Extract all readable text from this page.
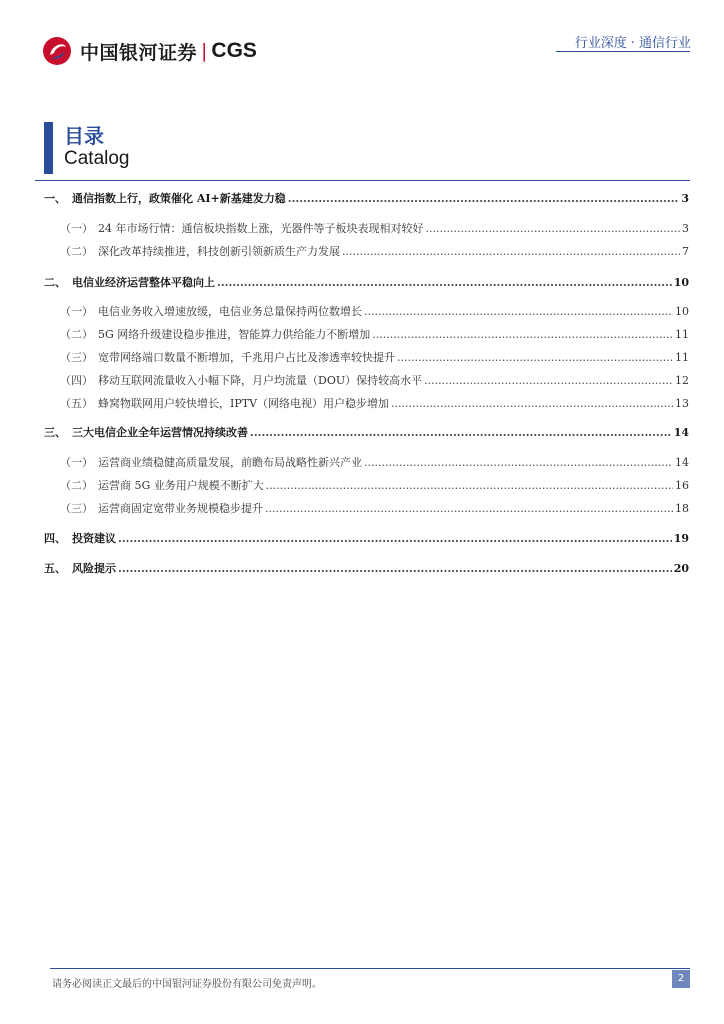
中国银河证券 | CGS	行业深度 · 通信行业
目录
Catalog
一、 通信指数上行，政策催化 AI+新基建发力稳 .....	3
（一） 24 年市场行情：通信板块指数上涨，光器件等子板块表现相对较好 .....	3
（二） 深化改革持续推进，科技创新引领新质生产力发展 .....	7
二、 电信业经济运营整体平稳向上 .....	10
（一） 电信业务收入增速放缓，电信业务总量保持两位数增长 .....	10
（二） 5G 网络升级建设稳步推进，智能算力供给能力不断增加 .....	11
（三） 宽带网络端口数量不断增加，千兆用户占比及渗透率较快提升 .....	11
（四） 移动互联网流量收入小幅下降，月户均流量（DOU）保持较高水平 .....	12
（五） 蜂窝物联网用户较快增长，IPTV（网络电视）用户稳步增加 .....	13
三、 三大电信企业全年运营情况持续改善 .....	14
（一） 运营商业绩稳健高质量发展，前瞻布局战略性新兴产业 .....	14
（二） 运营商 5G 业务用户规模不断扩大 .....	16
（三） 运营商固定宽带业务规模稳步提升 .....	18
四、 投资建议 .....	19
五、 风险提示 .....	20
请务必阅读正文最后的中国银河证券股份有限公司免责声明。
2
